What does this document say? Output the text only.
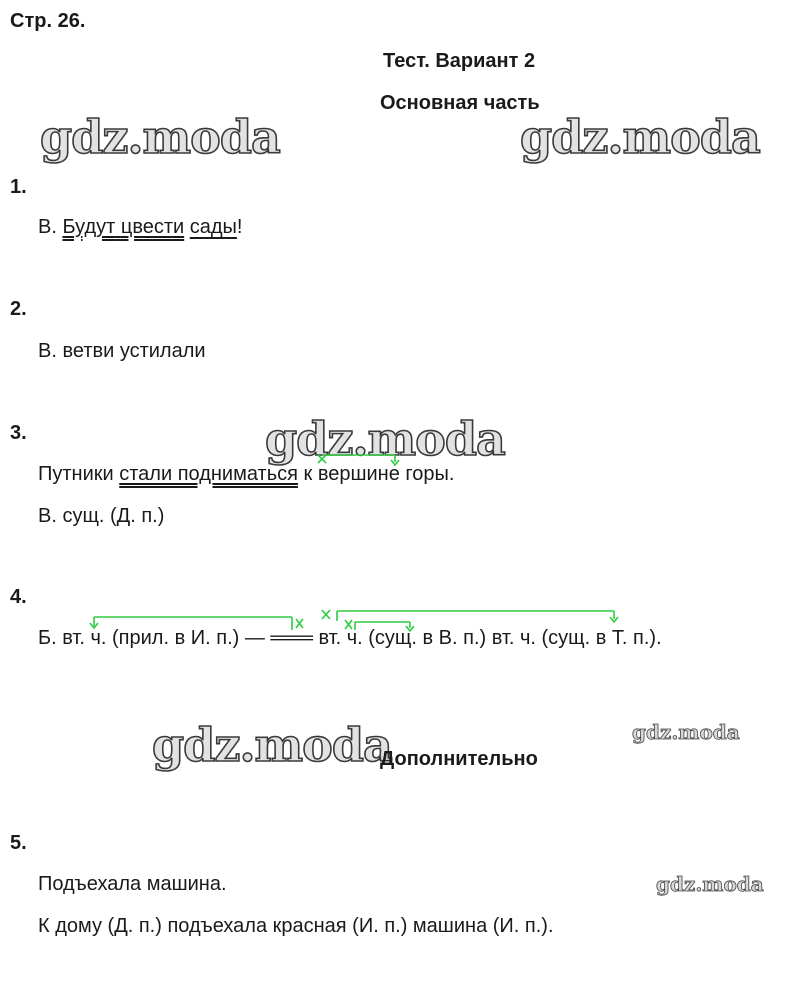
Стр. 26.
Тест. Вариант 2
Основная часть
gdz.moda	gdz.moda
1.
В. Будут цвести сады!
2.
В. ветви устилали
3.	gdz.moda
Путники стали подниматься к вершине горы.
В. сущ. (Д. п.)
4.
Б. вт. ч. (прил. в И. п.) — ═══ вт. ч. (сущ. в В. п.) вт. ч. (сущ. в Т. п.).
gdz.moda
Дополнительно
gdz.moda
5.
Подъехала машина.	gdz.moda
К дому (Д. п.) подъехала красная (И. п.) машина (И. п.).
